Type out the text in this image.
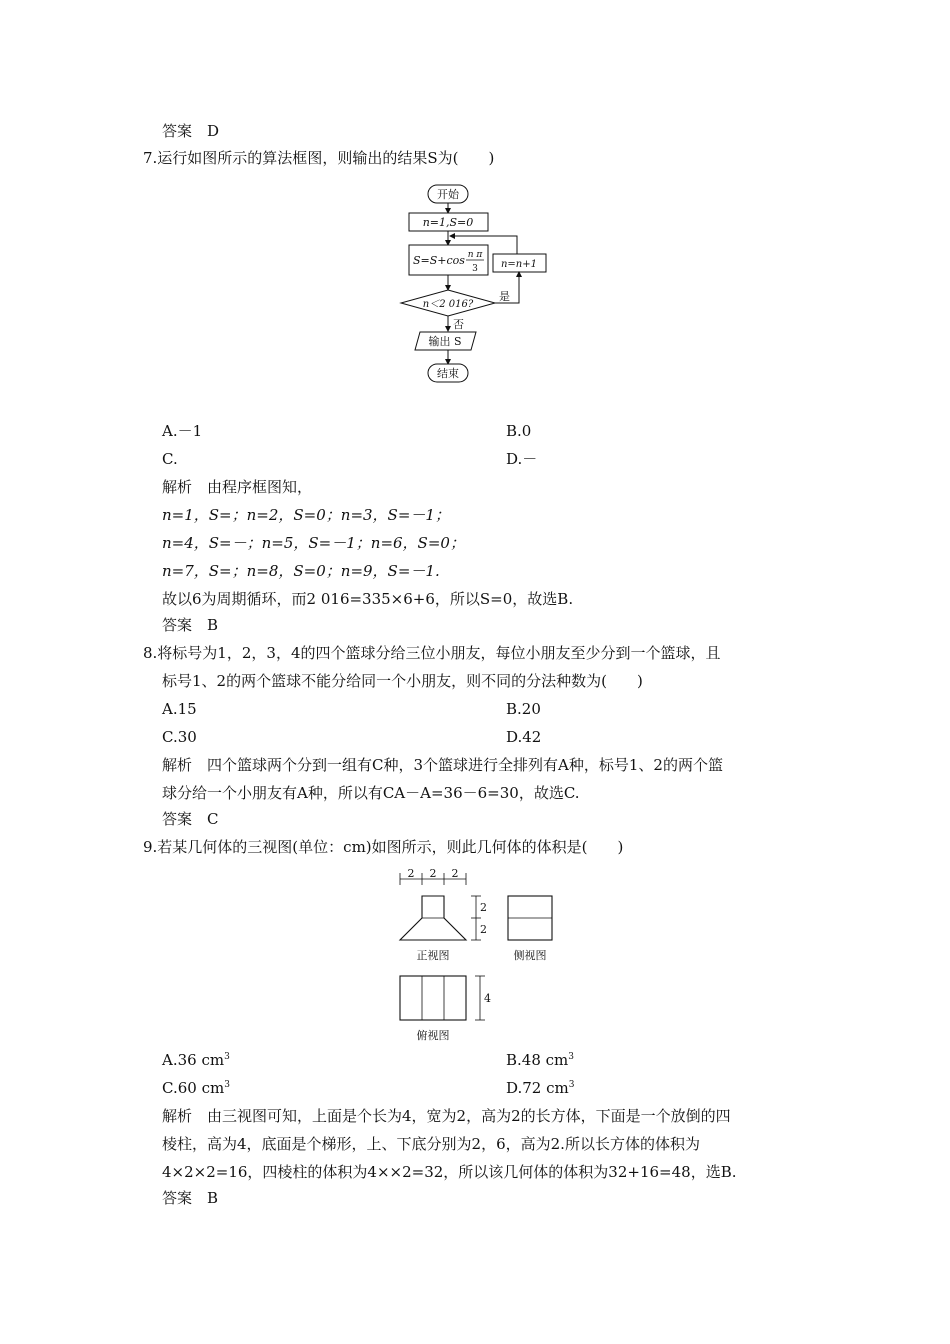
答案　D
7.运行如图所示的算法框图，则输出的结果S为(　　)
开始
n=1,S=0
S=S+cos n π
3 n=n+1
n＜2 016?
是
否
输出 S
结束
A.－1	B.0
C.	D.－
解析　由程序框图知，
n=1，S=；n=2，S=0；n=3，S=－1；
n=4，S=－；n=5，S=－1；n=6，S=0；
n=7，S=；n=8，S=0；n=9，S=－1.
故以6为周期循环，而2 016=335×6+6，所以S=0，故选B.
答案　B
8.将标号为1，2，3，4的四个篮球分给三位小朋友，每位小朋友至少分到一个篮球，且
标号1、2的两个篮球不能分给同一个小朋友，则不同的分法种数为(　　)
A.15	B.20
C.30	D.42
解析　四个篮球两个分到一组有C种，3个篮球进行全排列有A种，标号1、2的两个篮
球分给一个小朋友有A种，所以有CA－A=36－6=30，故选C.
答案　C
9.若某几何体的三视图(单位：cm)如图所示，则此几何体的体积是(　　)
2 2 2
2
2
正视图	侧视图
4
俯视图
A.36 $cm^3$	B.48 $cm^3$
C.60 $cm^3$	D.72 $cm^3$
解析　由三视图可知，上面是个长为4，宽为2，高为2的长方体，下面是一个放倒的四
棱柱，高为4，底面是个梯形，上、下底分别为2，6，高为2.所以长方体的体积为
4×2×2=16，四棱柱的体积为4××2=32，所以该几何体的体积为32+16=48，选B.
答案　B
